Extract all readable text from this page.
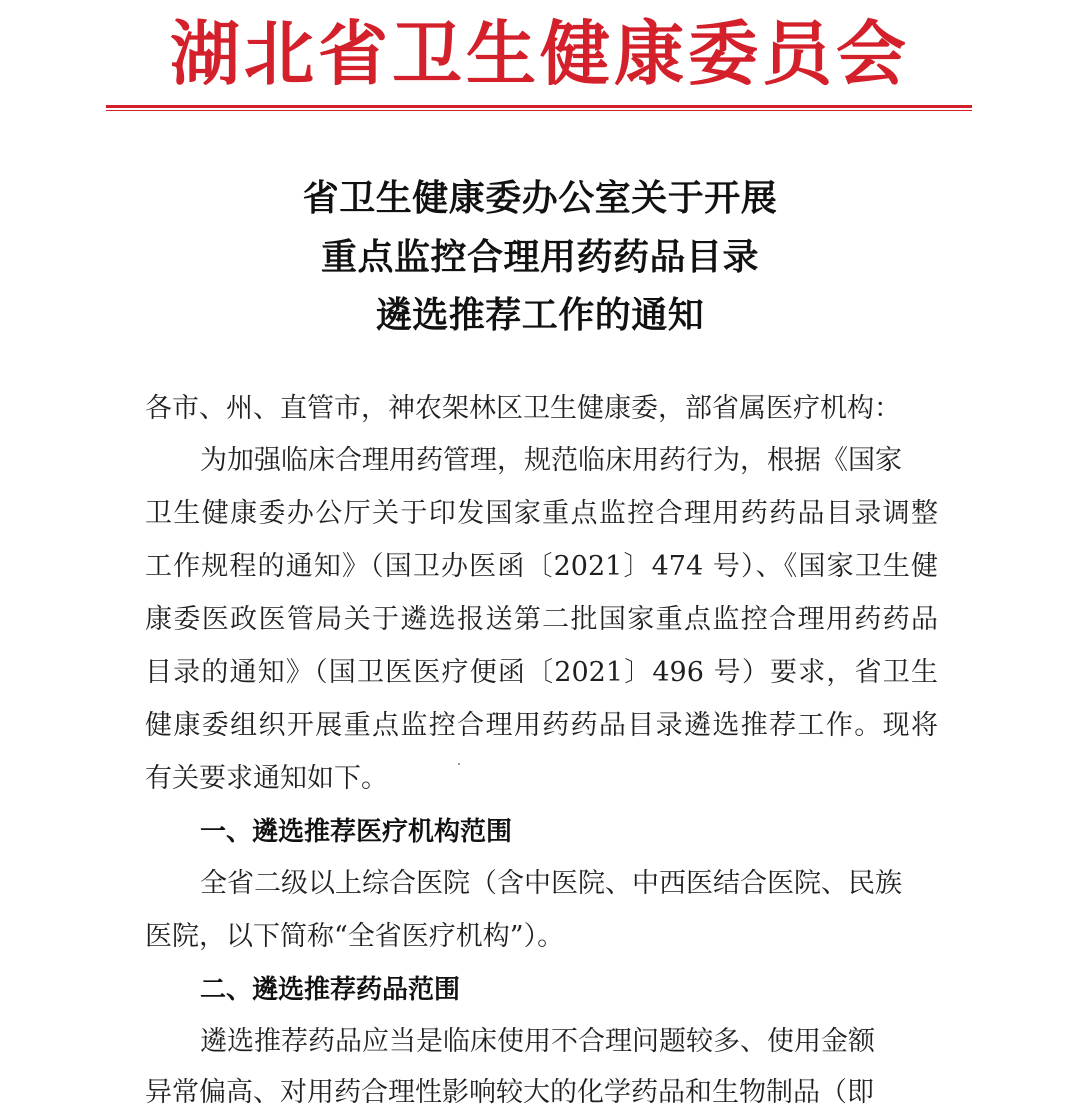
湖北省卫生健康委员会
省卫生健康委办公室关于开展
重点监控合理用药药品目录
遴选推荐工作的通知
各市、州、直管市，神农架林区卫生健康委，部省属医疗机构：
为加强临床合理用药管理，规范临床用药行为，根据《国家
卫生健康委办公厅关于印发国家重点监控合理用药药品目录调整
工作规程的通知》（国卫办医函〔2021〕474 号）、《国家卫生健
康委医政医管局关于遴选报送第二批国家重点监控合理用药药品
目录的通知》（国卫医医疗便函〔2021〕496 号）要求，省卫生
健康委组织开展重点监控合理用药药品目录遴选推荐工作。现将
有关要求通知如下。
一、遴选推荐医疗机构范围
全省二级以上综合医院（含中医院、中西医结合医院、民族
医院，以下简称“全省医疗机构”）。
二、遴选推荐药品范围
遴选推荐药品应当是临床使用不合理问题较多、使用金额
异常偏高、对用药合理性影响较大的化学药品和生物制品（即
